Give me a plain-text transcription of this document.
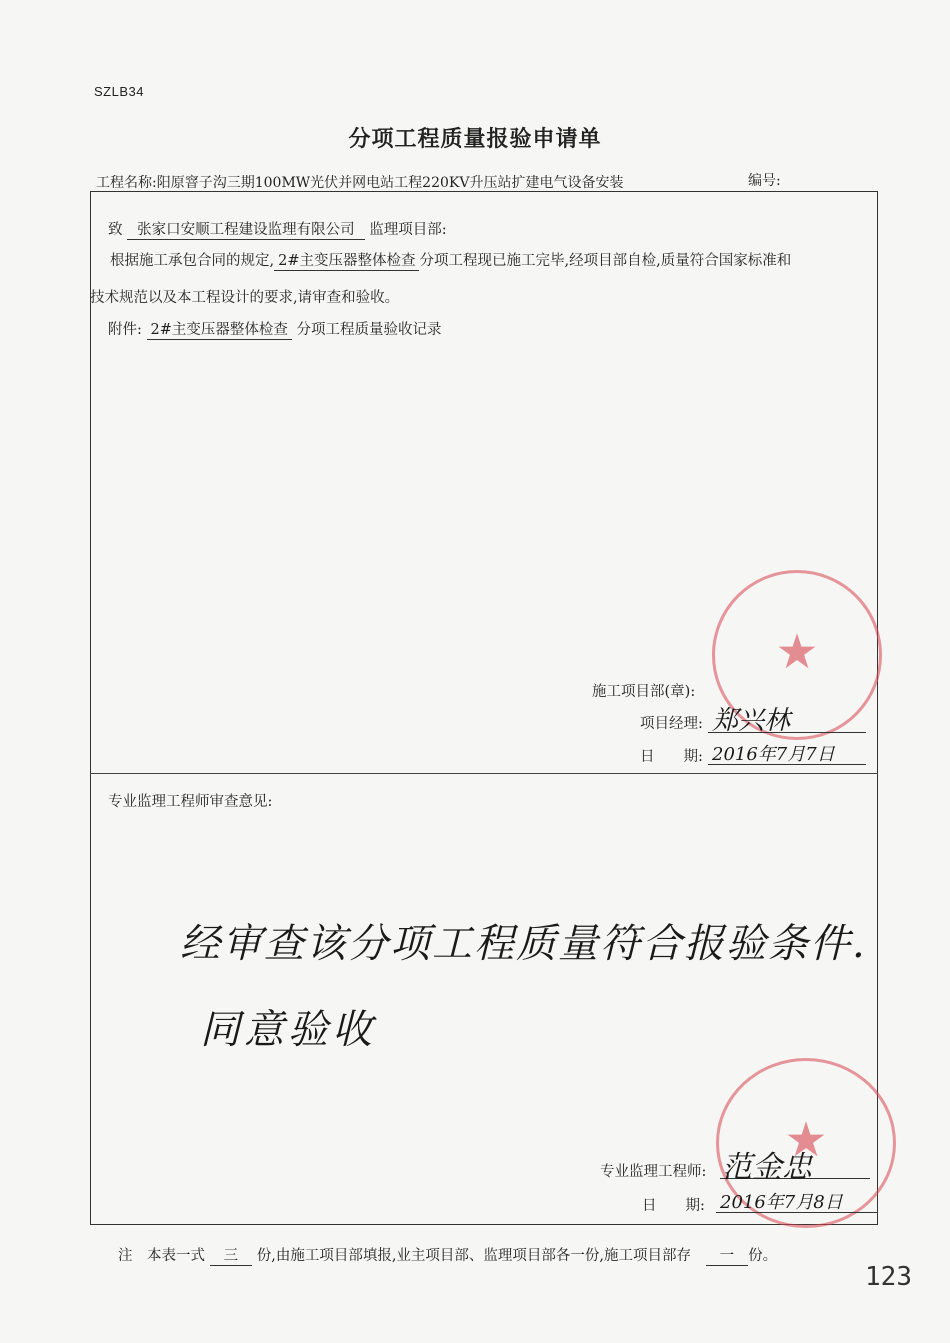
SZLB34
分项工程质量报验申请单
工程名称:阳原窨子沟三期100MW光伏并网电站工程220KV升压站扩建电气设备安装	编号:
致 张家口安顺工程建设监理有限公司 监理项目部:
根据施工承包合同的规定, 2#主变压器整体检查 分项工程现已施工完毕,经项目部自检,质量符合国家标准和
技术规范以及本工程设计的要求,请审查和验收。
附件: 2#主变压器整体检查 分项工程质量验收记录
★
施工项目部(章):
项目经理: 郑兴林
日　　期: 2016年7月7日
专业监理工程师审查意见:
经审查该分项工程质量符合报验条件.
同意验收
★
专业监理工程师: 范金忠
日　　期: 2016年7月8日
注　本表一式 三 份,由施工项目部填报,业主项目部、监理项目部各一份,施工项目部存 一 份。
123
